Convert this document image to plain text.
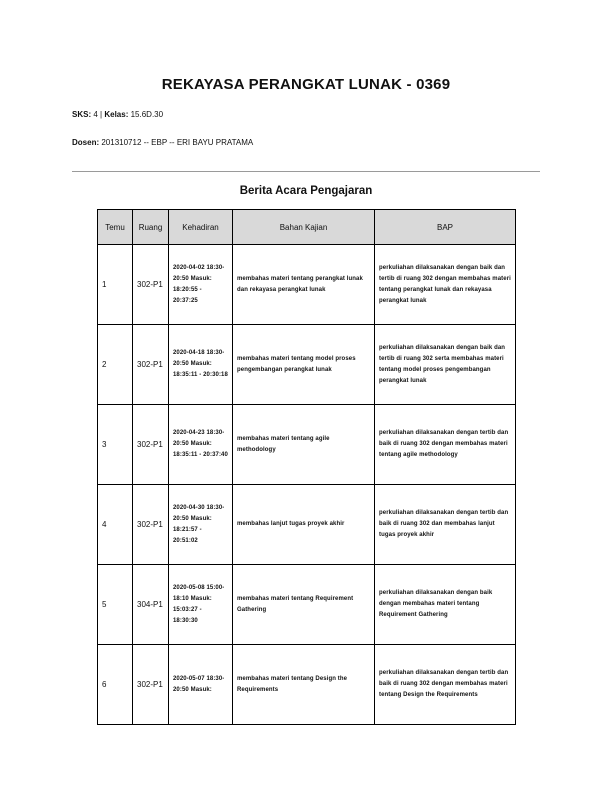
REKAYASA PERANGKAT LUNAK - 0369
SKS: 4 | Kelas: 15.6D.30
Dosen: 201310712 -- EBP -- ERI BAYU PRATAMA
Berita Acara Pengajaran
Temu	Ruang	Kehadiran	Bahan Kajian	BAP
1	302-P1	2020-04-02 18:30-20:50 Masuk: 18:20:55 - 20:37:25	membahas materi tentang perangkat lunak dan rekayasa perangkat lunak	perkuliahan dilaksanakan dengan baik dan tertib di ruang 302 dengan membahas materi tentang perangkat lunak dan rekayasa perangkat lunak
2	302-P1	2020-04-18 18:30-20:50 Masuk: 18:35:11 - 20:30:18	membahas materi tentang model proses pengembangan perangkat lunak	perkuliahan dilaksanakan dengan baik dan tertib di ruang 302 serta membahas materi tentang model proses pengembangan perangkat lunak
3	302-P1	2020-04-23 18:30-20:50 Masuk: 18:35:11 - 20:37:40	membahas materi tentang agile methodology	perkuliahan dilaksanakan dengan tertib dan baik di ruang 302 dengan membahas materi tentang agile methodology
4	302-P1	2020-04-30 18:30-20:50 Masuk: 18:21:57 - 20:51:02	membahas lanjut tugas proyek akhir	perkuliahan dilaksanakan dengan tertib dan baik di ruang 302 dan membahas lanjut tugas proyek akhir
5	304-P1	2020-05-08 15:00-18:10 Masuk: 15:03:27 - 18:30:30	membahas materi tentang Requirement Gathering	perkuliahan dilaksanakan dengan baik dengan membahas materi tentang Requirement Gathering
6	302-P1	2020-05-07 18:30-20:50 Masuk:	membahas materi tentang Design the Requirements	perkuliahan dilaksanakan dengan tertib dan baik di ruang 302 dengan membahas materi tentang Design the Requirements
